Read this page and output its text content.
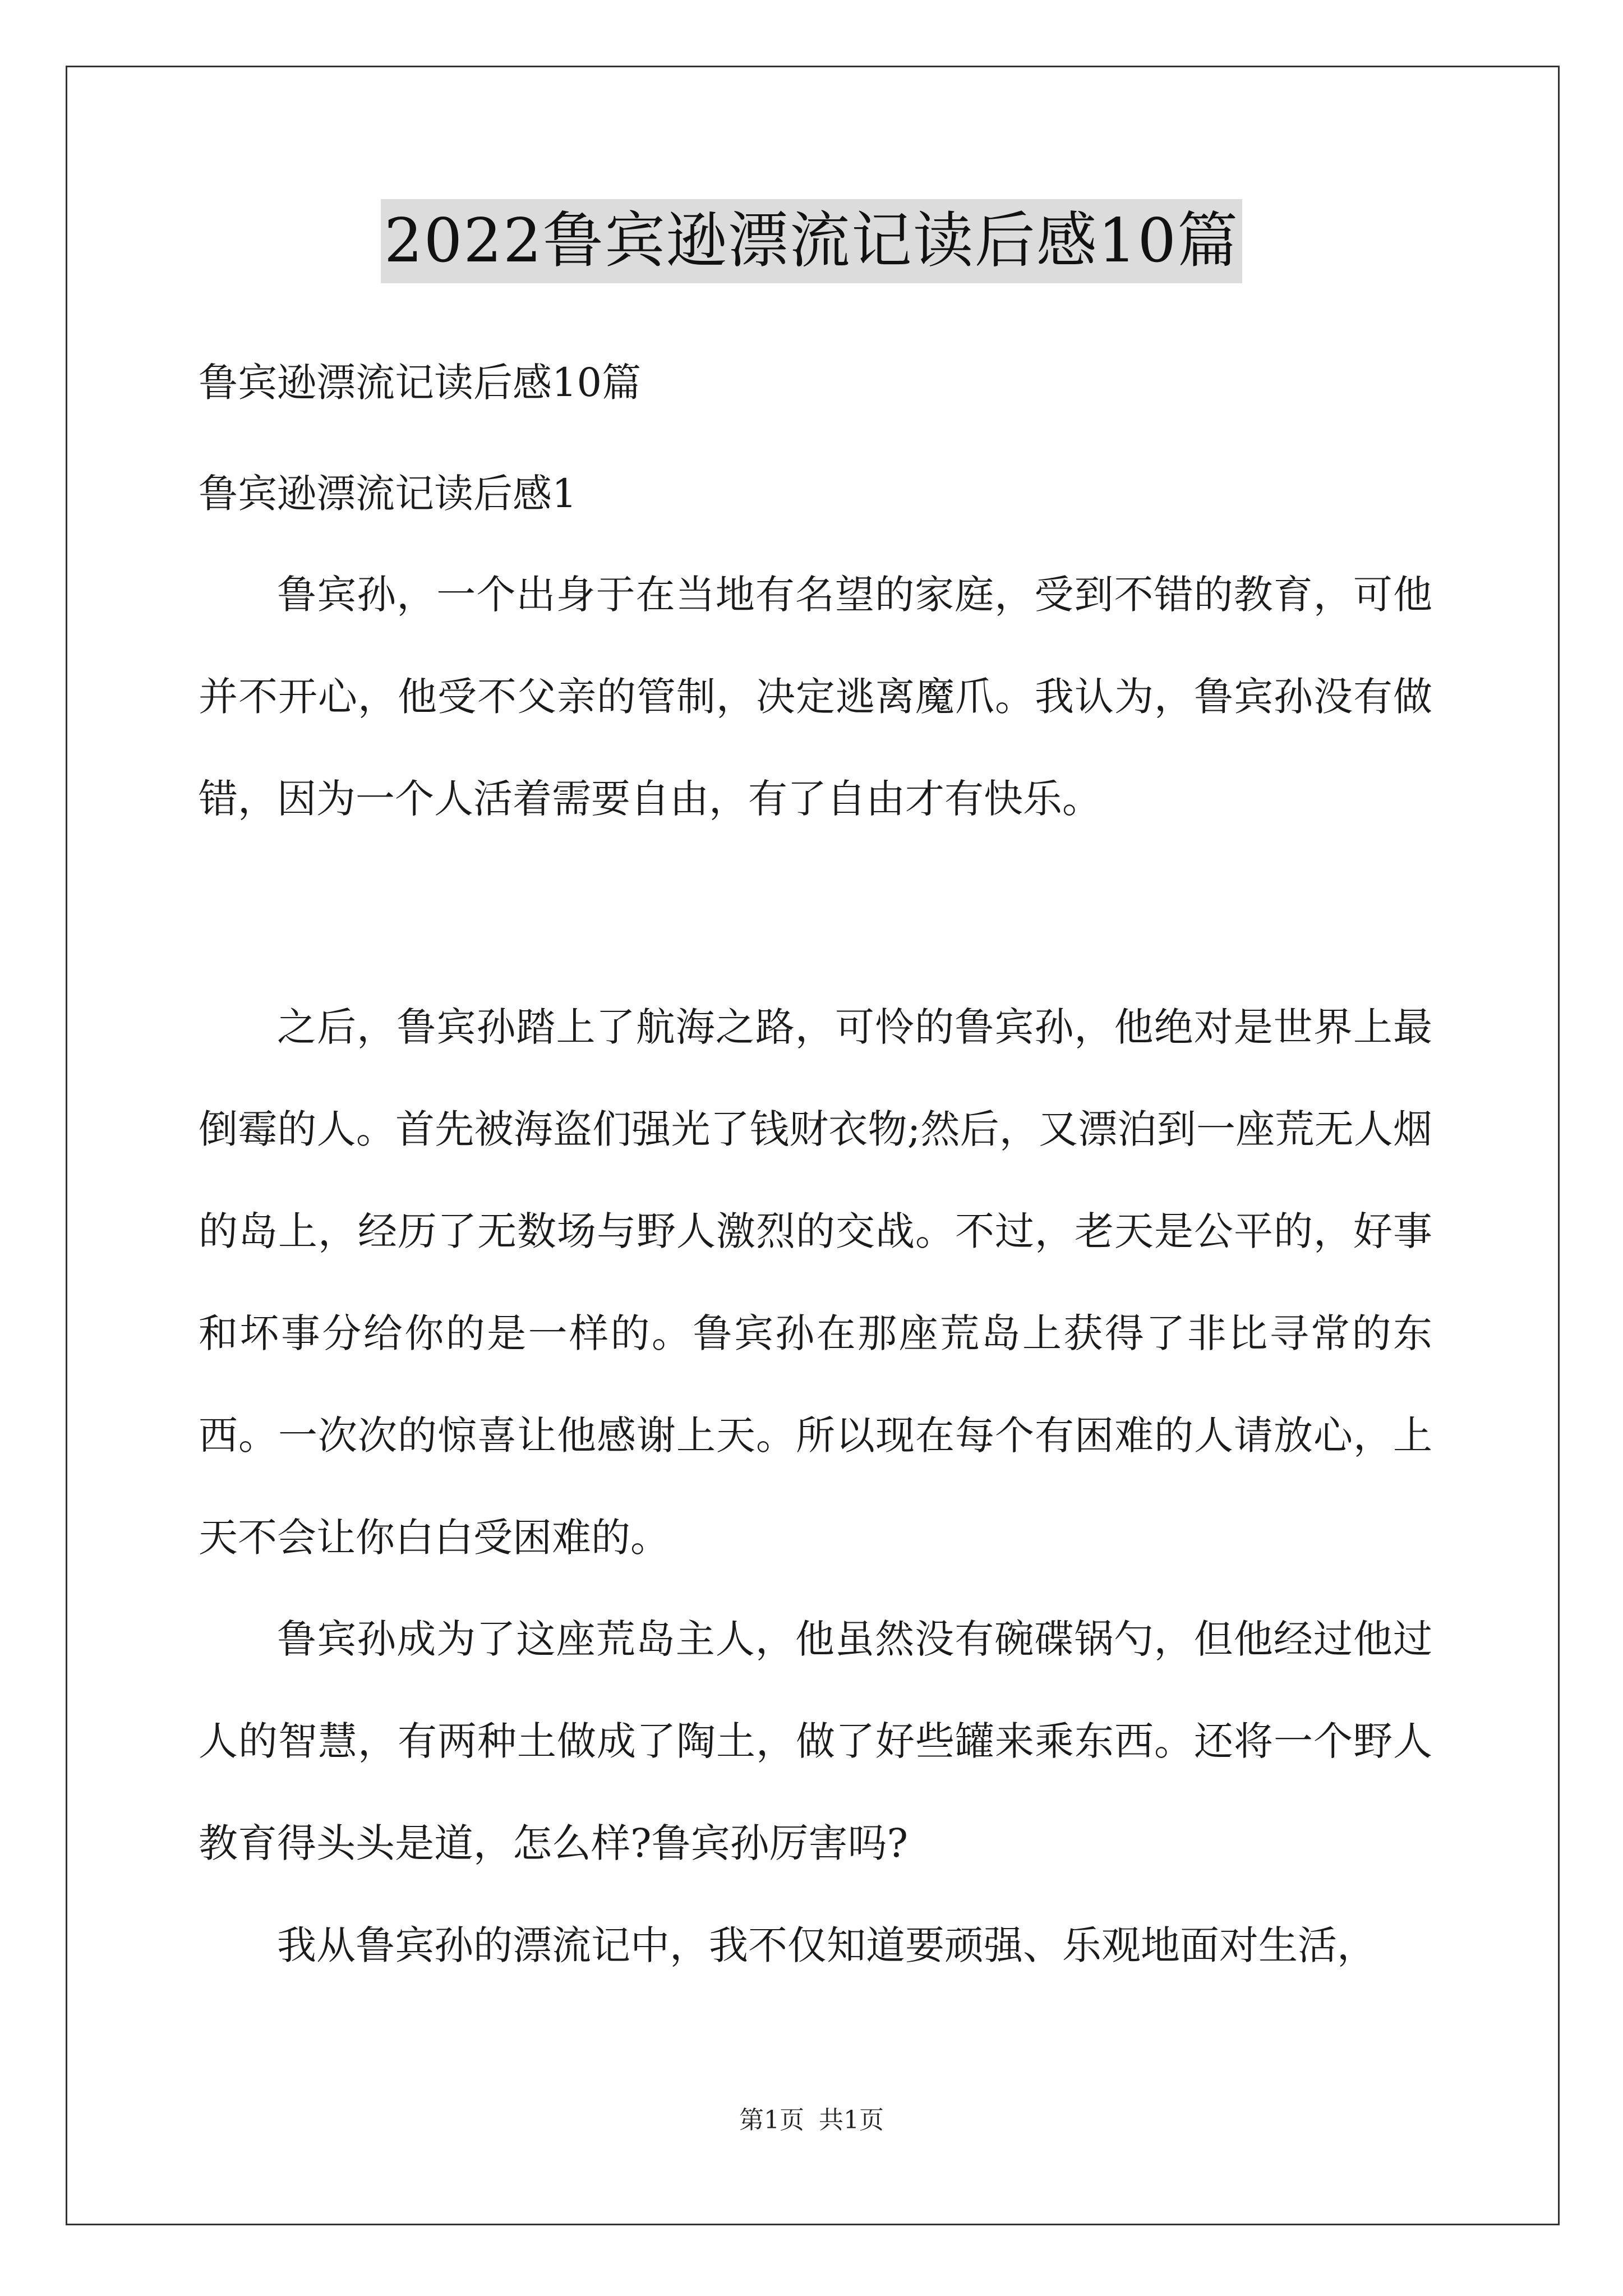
2022鲁宾逊漂流记读后感10篇

鲁宾逊漂流记读后感10篇

鲁宾逊漂流记读后感1

鲁宾孙，一个出身于在当地有名望的家庭，受到不错的教育，可他并不开心，他受不父亲的管制，决定逃离魔爪。我认为，鲁宾孙没有做错，因为一个人活着需要自由，有了自由才有快乐。

之后，鲁宾孙踏上了航海之路，可怜的鲁宾孙，他绝对是世界上最倒霉的人。首先被海盗们强光了钱财衣物;然后，又漂泊到一座荒无人烟的岛上，经历了无数场与野人激烈的交战。不过，老天是公平的，好事和坏事分给你的是一样的。鲁宾孙在那座荒岛上获得了非比寻常的东西。一次次的惊喜让他感谢上天。所以现在每个有困难的人请放心，上天不会让你白白受困难的。

鲁宾孙成为了这座荒岛主人，他虽然没有碗碟锅勺，但他经过他过人的智慧，有两种土做成了陶土，做了好些罐来乘东西。还将一个野人教育得头头是道，怎么样?鲁宾孙厉害吗?

我从鲁宾孙的漂流记中，我不仅知道要顽强、乐观地面对生活，

第1页 共1页
